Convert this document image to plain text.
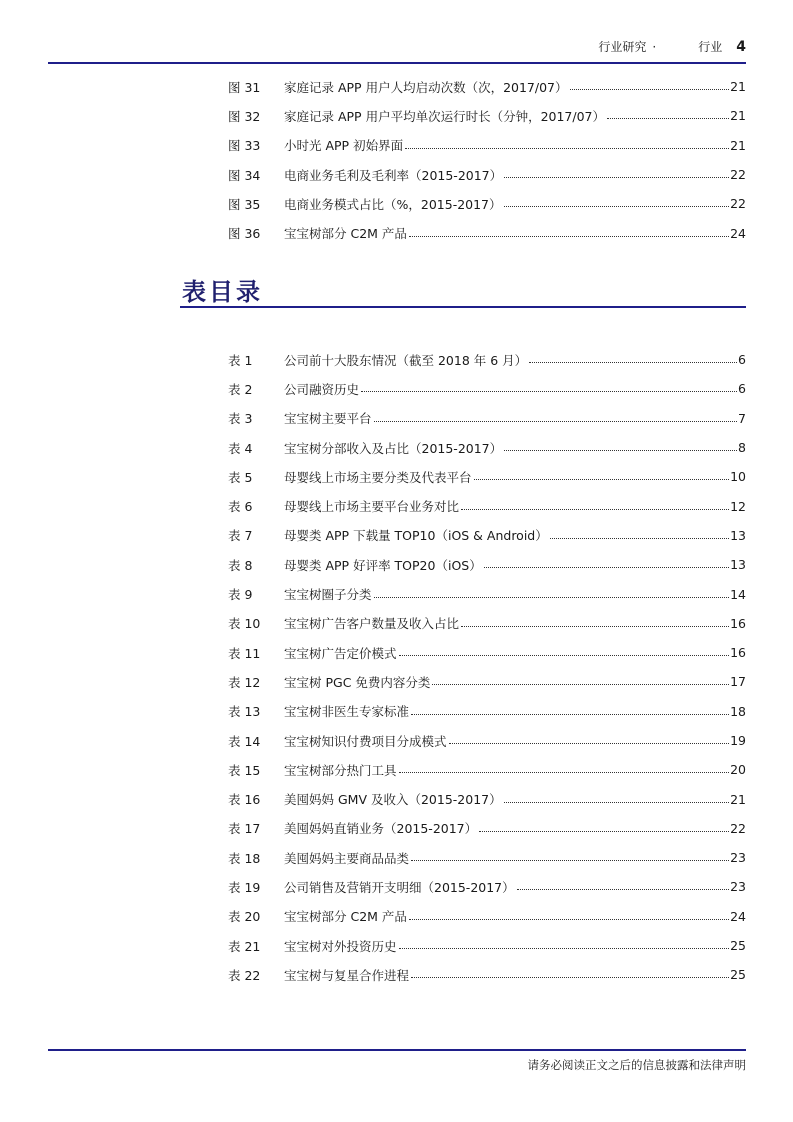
行业研究 ·	行业 4
图 31	家庭记录 APP 用户人均启动次数（次，2017/07）	21
图 32	家庭记录 APP 用户平均单次运行时长（分钟，2017/07）	21
图 33	小时光 APP 初始界面	21
图 34	电商业务毛利及毛利率（2015-2017）	22
图 35	电商业务模式占比（%，2015-2017）	22
图 36	宝宝树部分 C2M 产品	24
表目录
表 1	公司前十大股东情况（截至 2018 年 6 月）	6
表 2	公司融资历史	6
表 3	宝宝树主要平台	7
表 4	宝宝树分部收入及占比（2015-2017）	8
表 5	母婴线上市场主要分类及代表平台	10
表 6	母婴线上市场主要平台业务对比	12
表 7	母婴类 APP 下载量 TOP10（iOS & Android）	13
表 8	母婴类 APP 好评率 TOP20（iOS）	13
表 9	宝宝树圈子分类	14
表 10	宝宝树广告客户数量及收入占比	16
表 11	宝宝树广告定价模式	16
表 12	宝宝树 PGC 免费内容分类	17
表 13	宝宝树非医生专家标准	18
表 14	宝宝树知识付费项目分成模式	19
表 15	宝宝树部分热门工具	20
表 16	美囤妈妈 GMV 及收入（2015-2017）	21
表 17	美囤妈妈直销业务（2015-2017）	22
表 18	美囤妈妈主要商品品类	23
表 19	公司销售及营销开支明细（2015-2017）	23
表 20	宝宝树部分 C2M 产品	24
表 21	宝宝树对外投资历史	25
表 22	宝宝树与复星合作进程	25
请务必阅读正文之后的信息披露和法律声明
